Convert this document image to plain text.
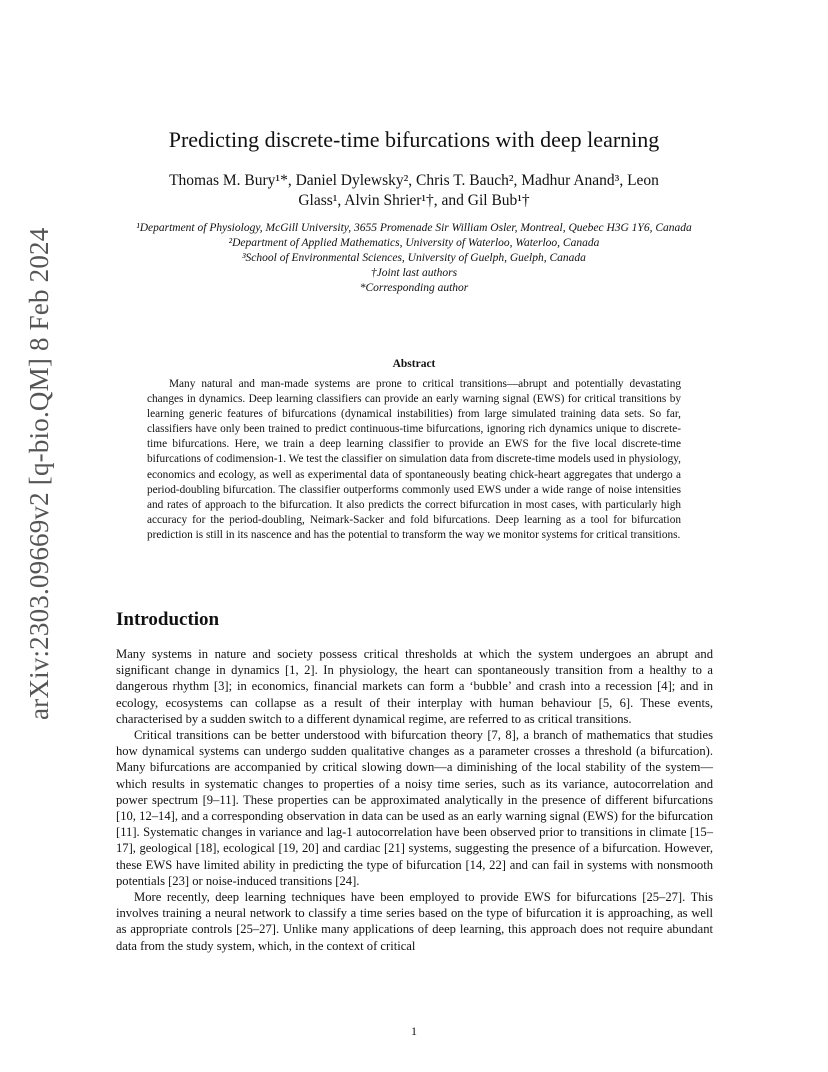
arXiv:2303.09669v2 [q-bio.QM] 8 Feb 2024
Predicting discrete-time bifurcations with deep learning
Thomas M. Bury¹*, Daniel Dylewsky², Chris T. Bauch², Madhur Anand³, Leon
Glass¹, Alvin Shrier¹†, and Gil Bub¹†
¹Department of Physiology, McGill University, 3655 Promenade Sir William Osler, Montreal, Quebec H3G 1Y6, Canada
²Department of Applied Mathematics, University of Waterloo, Waterloo, Canada
³School of Environmental Sciences, University of Guelph, Guelph, Canada
†Joint last authors
*Corresponding author
Abstract
Many natural and man-made systems are prone to critical transitions—abrupt and potentially devastating changes in dynamics. Deep learning classifiers can provide an early warning signal (EWS) for critical transitions by learning generic features of bifurcations (dynamical instabilities) from large simulated training data sets. So far, classifiers have only been trained to predict continuous-time bifurcations, ignoring rich dynamics unique to discrete-time bifurcations. Here, we train a deep learning classifier to provide an EWS for the five local discrete-time bifurcations of codimension-1. We test the classifier on simulation data from discrete-time models used in physiology, economics and ecology, as well as experimental data of spontaneously beating chick-heart aggregates that undergo a period-doubling bifurcation. The classifier outperforms commonly used EWS under a wide range of noise intensities and rates of approach to the bifurcation. It also predicts the correct bifurcation in most cases, with particularly high accuracy for the period-doubling, Neimark-Sacker and fold bifurcations. Deep learning as a tool for bifurcation prediction is still in its nascence and has the potential to transform the way we monitor systems for critical transitions.
Introduction

Many systems in nature and society possess critical thresholds at which the system undergoes an abrupt and significant change in dynamics [1, 2]. In physiology, the heart can spontaneously transition from a healthy to a dangerous rhythm [3]; in economics, financial markets can form a ‘bubble’ and crash into a recession [4]; and in ecology, ecosystems can collapse as a result of their interplay with human behaviour [5, 6]. These events, characterised by a sudden switch to a different dynamical regime, are referred to as critical transitions.

Critical transitions can be better understood with bifurcation theory [7, 8], a branch of mathematics that studies how dynamical systems can undergo sudden qualitative changes as a parameter crosses a threshold (a bifurcation). Many bifurcations are accompanied by critical slowing down—a diminishing of the local stability of the system—which results in systematic changes to properties of a noisy time series, such as its variance, autocorrelation and power spectrum [9–11]. These properties can be approximated analytically in the presence of different bifurcations [10, 12–14], and a corresponding observation in data can be used as an early warning signal (EWS) for the bifurcation [11]. Systematic changes in variance and lag-1 autocorrelation have been observed prior to transitions in climate [15–17], geological [18], ecological [19, 20] and cardiac [21] systems, suggesting the presence of a bifurcation. However, these EWS have limited ability in predicting the type of bifurcation [14, 22] and can fail in systems with nonsmooth potentials [23] or noise-induced transitions [24].

More recently, deep learning techniques have been employed to provide EWS for bifurcations [25–27]. This involves training a neural network to classify a time series based on the type of bifurcation it is approaching, as well as appropriate controls [25–27]. Unlike many applications of deep learning, this approach does not require abundant data from the study system, which, in the context of critical

1
